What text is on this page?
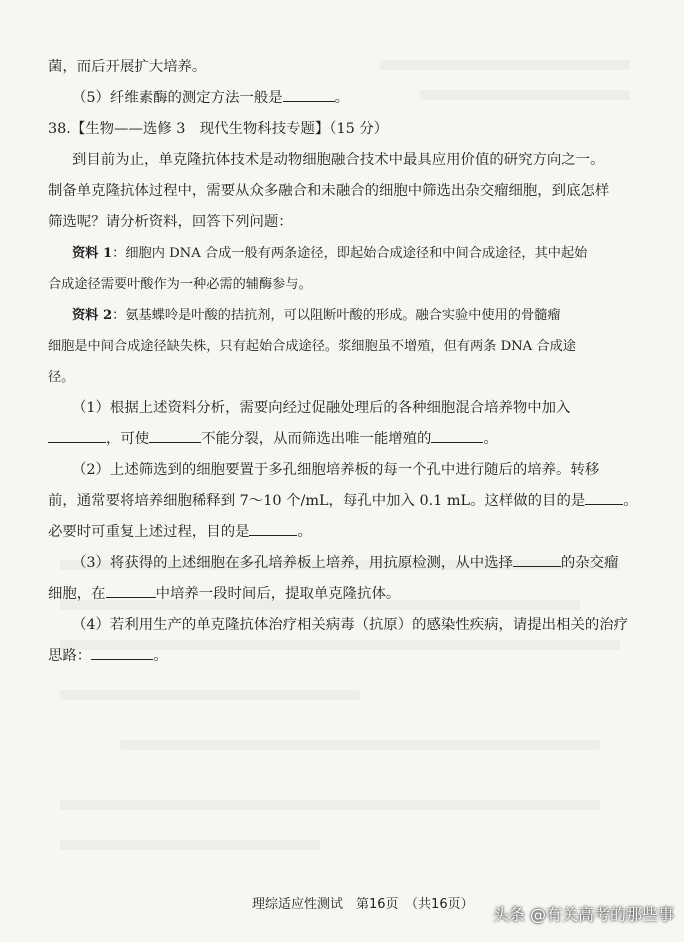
菌，而后开展扩大培养。
（5）纤维素酶的测定方法一般是	。
38.【生物——选修 3　现代生物科技专题】（15 分）
到目前为止，单克隆抗体技术是动物细胞融合技术中最具应用价值的研究方向之一。
制备单克隆抗体过程中，需要从众多融合和未融合的细胞中筛选出杂交瘤细胞，到底怎样
筛选呢？请分析资料，回答下列问题：
资料 1：细胞内 DNA 合成一般有两条途径，即起始合成途径和中间合成途径，其中起始
合成途径需要叶酸作为一种必需的辅酶参与。
资料 2：氨基蝶呤是叶酸的拮抗剂，可以阻断叶酸的形成。融合实验中使用的骨髓瘤
细胞是中间合成途径缺失株，只有起始合成途径。浆细胞虽不增殖，但有两条 DNA 合成途
径。
（1）根据上述资料分析，需要向经过促融处理后的各种细胞混合培养物中加入
，可使	不能分裂，从而筛选出唯一能增殖的	。
（2）上述筛选到的细胞要置于多孔细胞培养板的每一个孔中进行随后的培养。转移
前，通常要将培养细胞稀释到 7～10 个/mL，每孔中加入 0.1 mL。这样做的目的是	。
必要时可重复上述过程，目的是	。
（3）将获得的上述细胞在多孔培养板上培养，用抗原检测，从中选择	的杂交瘤
细胞，在	中培养一段时间后，提取单克隆抗体。
（4）若利用生产的单克隆抗体治疗相关病毒（抗原）的感染性疾病，请提出相关的治疗
思路：	。
理综适应性测试　第16页　（共16页）
头条 @有关高考的那些事
